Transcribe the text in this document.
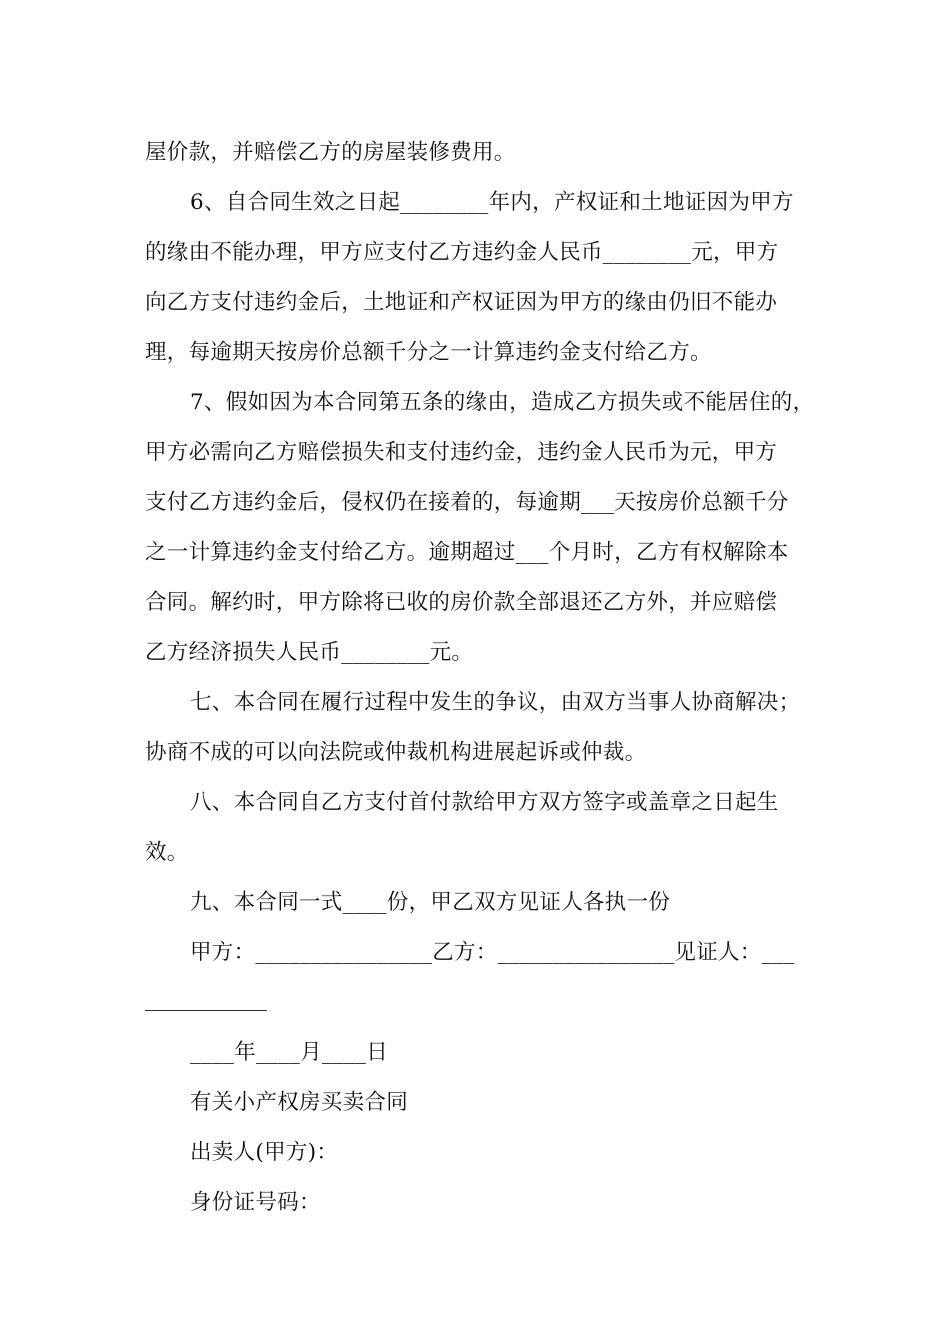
屋价款，并赔偿乙方的房屋装修费用。
6、自合同生效之日起________年内，产权证和土地证因为甲方
的缘由不能办理，甲方应支付乙方违约金人民币________元，甲方
向乙方支付违约金后，土地证和产权证因为甲方的缘由仍旧不能办
理，每逾期天按房价总额千分之一计算违约金支付给乙方。
7、假如因为本合同第五条的缘由，造成乙方损失或不能居住的，
甲方必需向乙方赔偿损失和支付违约金，违约金人民币为元，甲方
支付乙方违约金后，侵权仍在接着的，每逾期___天按房价总额千分
之一计算违约金支付给乙方。逾期超过___个月时，乙方有权解除本
合同。解约时，甲方除将已收的房价款全部退还乙方外，并应赔偿
乙方经济损失人民币________元。
七、本合同在履行过程中发生的争议，由双方当事人协商解决；
协商不成的可以向法院或仲裁机构进展起诉或仲裁。
八、本合同自乙方支付首付款给甲方双方签字或盖章之日起生
效。
九、本合同一式____份，甲乙双方见证人各执一份
甲方：________________乙方：________________见证人：___
____年____月____日
有关小产权房买卖合同
出卖人(甲方)：
身份证号码：
